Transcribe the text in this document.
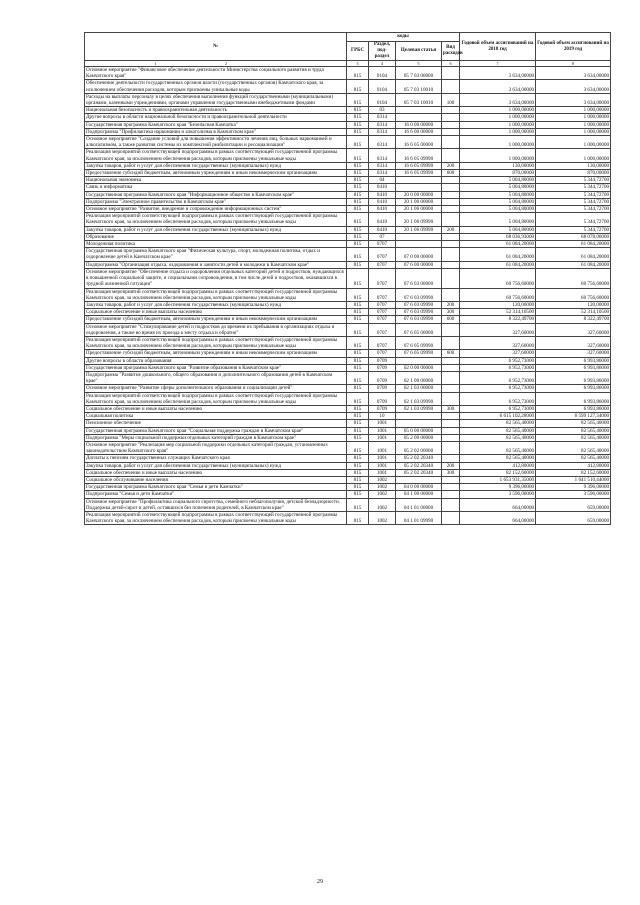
№	коды				Годовой объем ассигнований на 2018 год	Годовой объем ассигнований на 2019 год
	ГРБС	Раздел, под-раздел	Целевая статья	Вид расходов		
1 2	3	4	5	6	7	8
Основное мероприятие "Финансовое обеспечение деятельности Министерства социального развития и труда Камчатского края"	815	0104	05 7 03 00000		3 634,00000	3 634,00000
Обеспечение деятельности государственных органов власти (государственных органов) Камчатского края, за исключением обеспечения расходов, которым присвоены уникальные коды	815	0104	05 7 03 10010		3 634,00000	3 634,00000
Расходы на выплаты персоналу в целях обеспечения выполнения функций государственными (муниципальными) органами, казенными учреждениями, органами управления государственными внебюджетными фондами	815	0104	05 7 03 10010	100	3 634,00000	3 634,00000
Национальная безопасность и правоохранительная деятельность	815	03			1 000,00000	1 000,00000
Другие вопросы в области национальной безопасности и правоохранительной деятельности	815	0314			1 000,00000	1 000,00000
Государственная программа Камчатского края "Безопасная Камчатка"	815	0314	16 0 00 00000		1 000,00000	1 000,00000
Подпрограмма "Профилактика наркомании и алкоголизма в Камчатском крае"	815	0314	16 6 00 00000		1 000,00000	1 000,00000
Основное мероприятие "Создание условий для повышения эффективности лечения лиц, больных наркоманией и алкоголизмом, а также развития системы их комплексной реабилитации и ресоциализации"	815	0314	16 6 05 00000		1 000,00000	1 000,00000
Реализация мероприятий соответствующей подпрограммы в рамках соответствующей государственной программы Камчатского края, за исключением обеспечения расходов, которым присвоены уникальные коды	815	0314	16 6 05 09990		1 000,00000	1 000,00000
Закупка товаров, работ и услуг для обеспечения государственных (муниципальных) нужд	815	0314	16 6 05 09990	200	130,00000	130,00000
Предоставление субсидий бюджетным, автономным учреждениям и иным некоммерческим организациям	815	0314	16 6 05 09990	600	870,00000	870,00000
Национальная экономика	815	04			5 004,80000	5 344,72700
Связь и информатика	815	0410			5 004,80000	5 344,72700
Государственная программа Камчатского края "Информационное общество в Камчатском крае"	815	0410	20 0 00 00000		5 004,80000	5 344,72700
Подпрограмма "Электронное правительство в Камчатском крае"	815	0410	20 1 00 00000		5 004,80000	5 344,72700
Основное мероприятие "Развитие, внедрение и сопровождение информационных систем"	815	0410	20 1 06 00000		5 004,80000	5 344,72700
Реализация мероприятий соответствующей подпрограммы в рамках соответствующей государственной программы Камчатского края, за исключением обеспечения расходов, которым присвоены уникальные коды	815	0410	20 1 06 09990		5 004,80000	5 344,72700
Закупка товаров, работ и услуг для обеспечения государственных (муниципальных) нужд	815	0410	20 1 06 09990	200	5 004,80000	5 344,72700
Образование	815	07			68 036,93000	68 078,06000
Молодежная политика	815	0707			61 084,20000	61 084,20000
Государственная программа Камчатского края "Физическая культура, спорт, молодежная политика, отдых и оздоровление детей в Камчатском крае"	815	0707	07 0 00 00000		61 084,20000	61 084,20000
Подпрограмма "Организация отдыха, оздоровления и занятости детей и молодежи в Камчатском крае"	815	0707	07 6 00 00000		61 084,20000	61 084,20000
Основное мероприятие "Обеспечение отдыха и оздоровления отдельных категорий детей и подростков, нуждающихся в повышенной социальной защите, и социальными сопровождении, в том числе детей и подростков, оказавшихся в трудной жизненной ситуации"	815	0707	07 6 03 00000		60 756,60000	60 756,60000
Реализация мероприятий соответствующей подпрограммы в рамках соответствующей государственной программы Камчатского края, за исключением обеспечения расходов, которым присвоены уникальные коды	815	0707	07 6 03 09990		60 756,60000	60 756,60000
Закупка товаров, работ и услуг для обеспечения государственных (муниципальных) нужд	815	0707	07 6 03 09990	200	120,00000	120,00000
Социальное обеспечение и иные выплаты населению	815	0707	07 6 03 09990	300	52 314,10500	52 314,10500
Предоставление субсидий бюджетным, автономным учреждениям и иным некоммерческим организациям	815	0707	07 6 03 09990	600	8 322,49700	8 322,49700
Основное мероприятие "Стимулирование детей и подростков до времени их пребывания в организациях отдыха и оздоровления, а также во время их проезда к месту отдыха и обратно"	815	0707	07 6 05 00000		327,60000	327,60000
Реализация мероприятий соответствующей подпрограммы в рамках соответствующей государственной программы Камчатского края, за исключением обеспечения расходов, которым присвоены уникальные коды	815	0707	07 6 05 09990		327,60000	327,60000
Предоставление субсидий бюджетным, автономным учреждениям и иным некоммерческим организациям	815	0707	07 6 05 09990	600	327,60000	327,60000
Другие вопросы в области образования	815	0709			6 952,73000	6 993,86000
Государственная программа Камчатского края "Развитие образования в Камчатском крае"	815	0709	02 0 00 00000		6 952,73000	6 993,86000
Подпрограмма "Развитие дошкольного, общего образования и дополнительного образования детей в Камчатском крае"	815	0709	02 1 00 00000		6 952,73000	6 993,86000
Основное мероприятие "Развитие сферы дополнительного образования и социализации детей"	815	0709	02 1 03 00000		6 952,73000	6 993,86000
Реализация мероприятий соответствующей подпрограммы в рамках соответствующей государственной программы Камчатского края, за исключением обеспечения расходов, которым присвоены уникальные коды	815	0709	02 1 03 09990		6 952,73000	6 993,86000
Социальное обеспечение и иные выплаты населению	815	0709	02 1 03 09990	300	6 952,73000	6 993,86000
Социальная политика	815	10			6 615 102,28000	6 599 127,34000
Пенсионное обеспечение	815	1001			82 565,40000	82 565,40000
Государственная программа Камчатского края "Социальная поддержка граждан в Камчатском крае"	815	1001	05 0 00 00000		82 565,40000	82 565,40000
Подпрограмма "Меры социальной поддержки отдельных категорий граждан в Камчатском крае"	815	1001	05 2 00 00000		82 565,40000	82 565,40000
Основное мероприятие "Реализация мер социальной поддержки отдельных категорий граждан, установленных законодательством Камчатского края"	815	1001	05 2 02 00000		82 565,40000	82 565,40000
Доплаты к пенсиям государственных служащих Камчатского края	815	1001	05 2 02 20340		82 565,40000	82 565,40000
Закупка товаров, работ и услуг для обеспечения государственных (муниципальных) нужд	815	1001	05 2 02 20340	200	412,80000	412,80000
Социальное обеспечение и иные выплаты населению	815	1001	05 2 02 20340	300	82 152,60000	82 152,60000
Социальное обслуживание населения	815	1002			1 653 931,35000	1 641 510,44000
Государственная программа Камчатского края "Семья и дети Камчатки"	815	1002	04 0 00 00000		9 396,00000	9 396,00000
Подпрограмма "Семья и дети Камчатки"	815	1002	04 1 00 00000		3 596,00000	3 596,00000
Основное мероприятие "Профилактика социального сиротства, семейного неблагополучия, детской безнадзорности. Поддержка детей-сирот и детей, оставшихся без попечения родителей, в Камчатском крае"	815	1002	04 1 01 00000		664,00000	659,00000
Реализация мероприятий соответствующей подпрограммы в рамках соответствующей государственной программы Камчатского края, за исключением обеспечения расходов, которым присвоены уникальные коды	815	1002	04 1 01 09990		664,00000	659,00000
29
